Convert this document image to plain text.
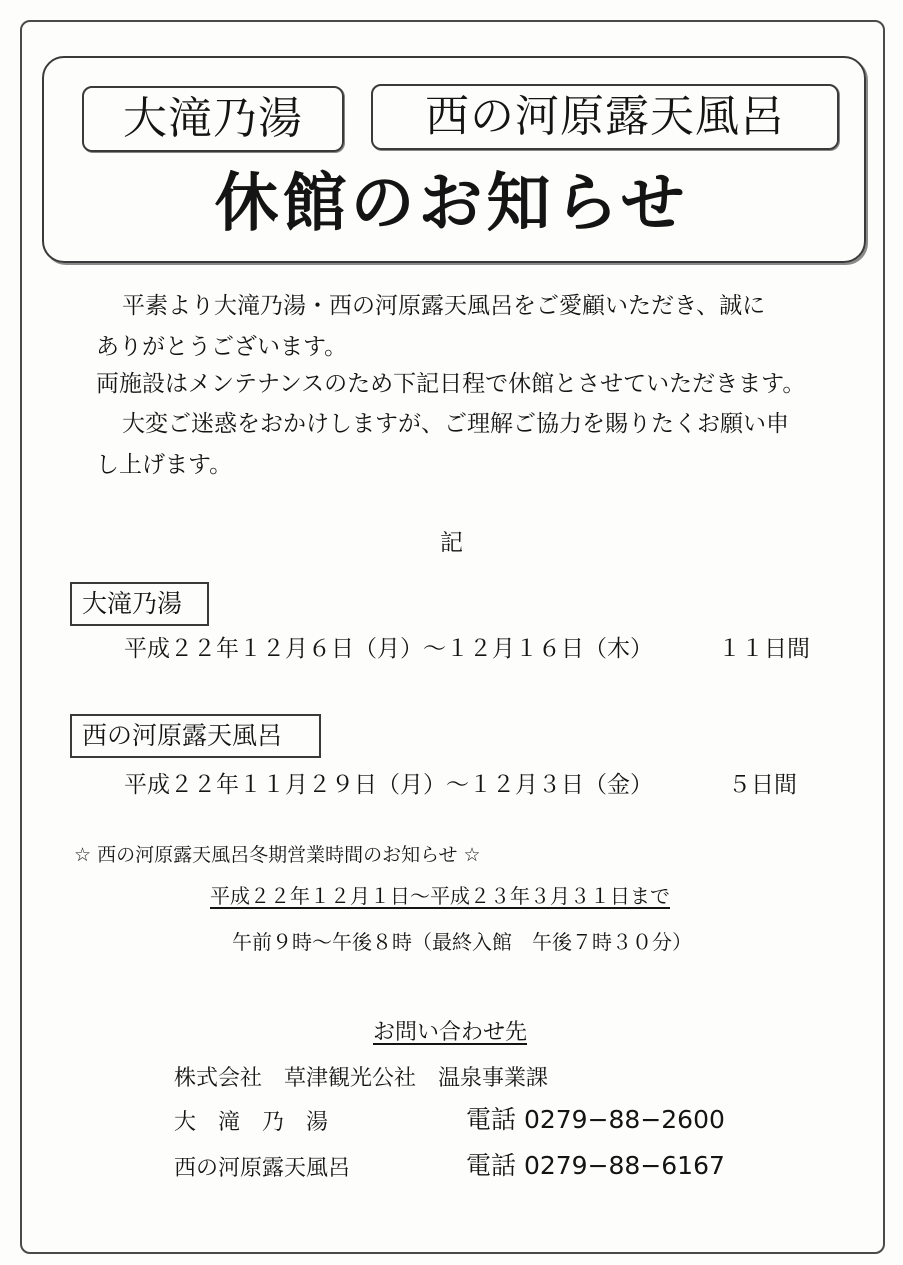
大滝乃湯	西の河原露天風呂
休館のお知らせ
平素より大滝乃湯・西の河原露天風呂をご愛顧いただき、誠に
ありがとうございます。
両施設はメンテナンスのため下記日程で休館とさせていただきます。
大変ご迷惑をおかけしますが、ご理解ご協力を賜りたくお願い申
し上げます。
記
大滝乃湯
平成２２年１２月６日（月）～１２月１６日（木）	１１日間
西の河原露天風呂
平成２２年１１月２９日（月）～１２月３日（金）	５日間
☆ 西の河原露天風呂冬期営業時間のお知らせ ☆
平成２２年１２月１日～平成２３年３月３１日まで
午前９時～午後８時（最終入館　午後７時３０分）
お問い合わせ先
株式会社　草津観光公社　温泉事業課
大　滝　乃　湯	電話 0279−88−2600
西の河原露天風呂	電話 0279−88−6167
